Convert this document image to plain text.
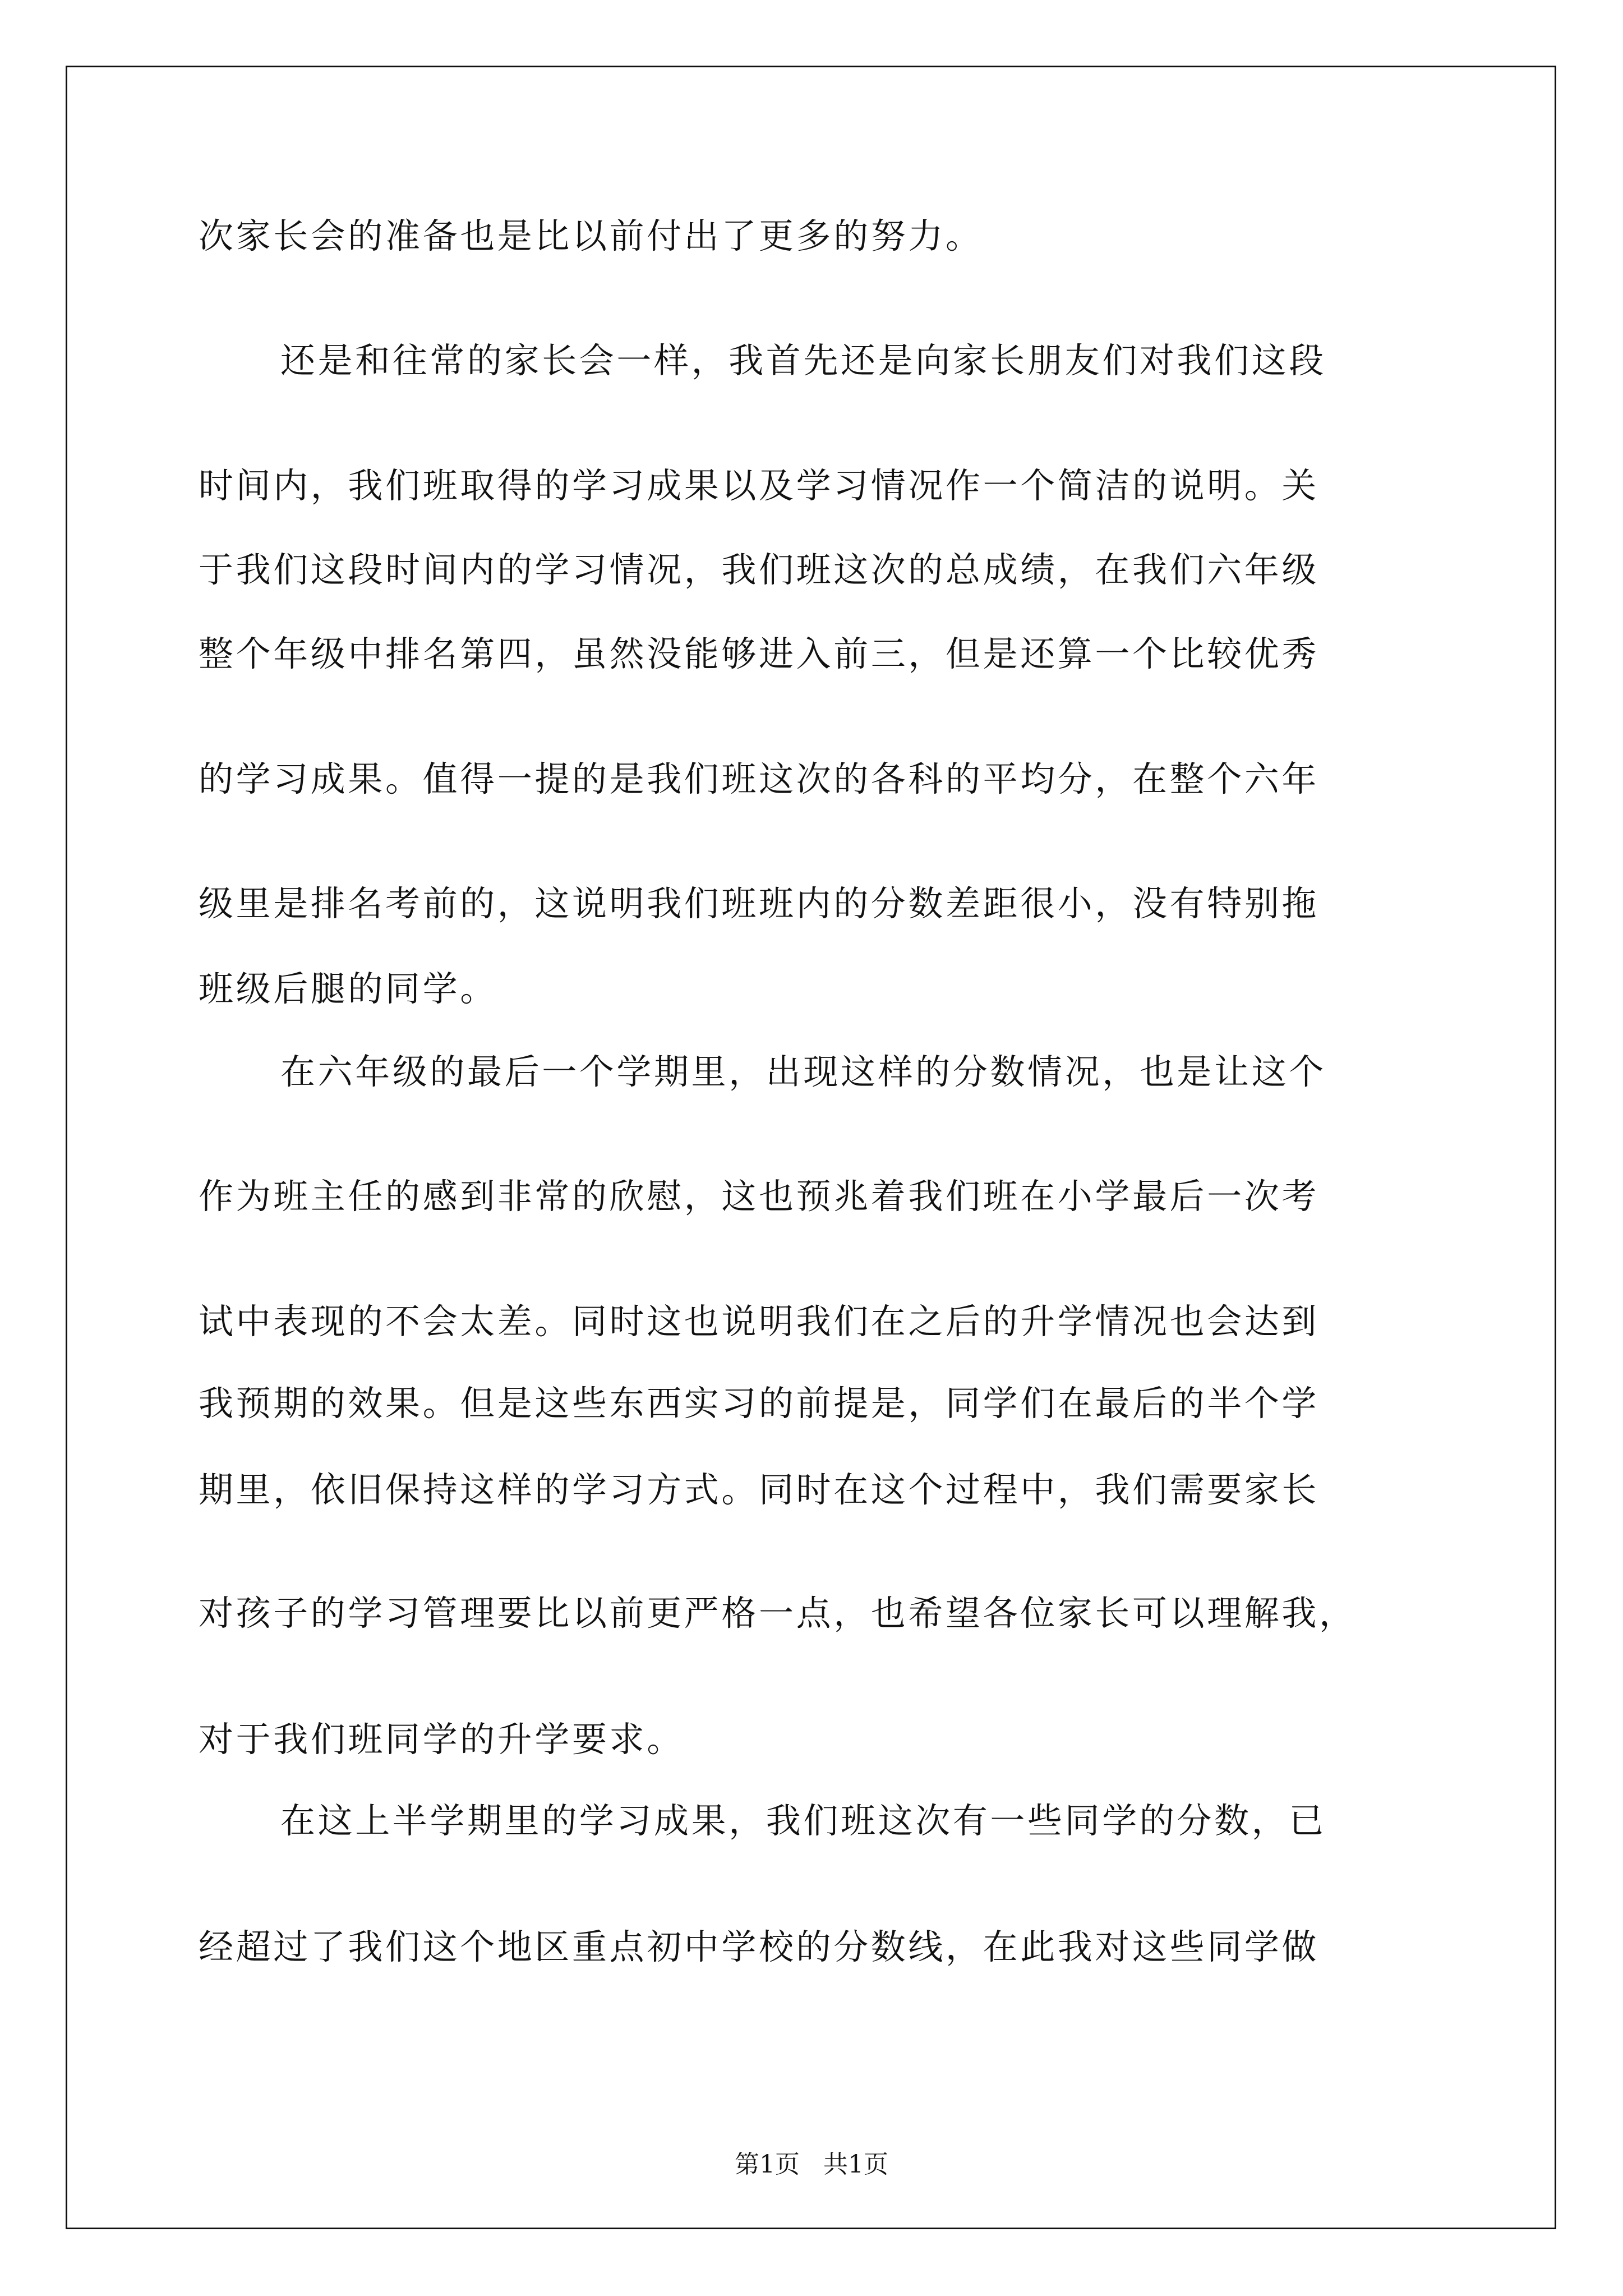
次家长会的准备也是比以前付出了更多的努力。
还是和往常的家长会一样，我首先还是向家长朋友们对我们这段
时间内，我们班取得的学习成果以及学习情况作一个简洁的说明。关
于我们这段时间内的学习情况，我们班这次的总成绩，在我们六年级
整个年级中排名第四，虽然没能够进入前三，但是还算一个比较优秀
的学习成果。值得一提的是我们班这次的各科的平均分，在整个六年
级里是排名考前的，这说明我们班班内的分数差距很小，没有特别拖
班级后腿的同学。
在六年级的最后一个学期里，出现这样的分数情况，也是让这个
作为班主任的感到非常的欣慰，这也预兆着我们班在小学最后一次考
试中表现的不会太差。同时这也说明我们在之后的升学情况也会达到
我预期的效果。但是这些东西实习的前提是，同学们在最后的半个学
期里，依旧保持这样的学习方式。同时在这个过程中，我们需要家长
对孩子的学习管理要比以前更严格一点，也希望各位家长可以理解我，
对于我们班同学的升学要求。
在这上半学期里的学习成果，我们班这次有一些同学的分数，已
经超过了我们这个地区重点初中学校的分数线，在此我对这些同学做
第1页   共1页
